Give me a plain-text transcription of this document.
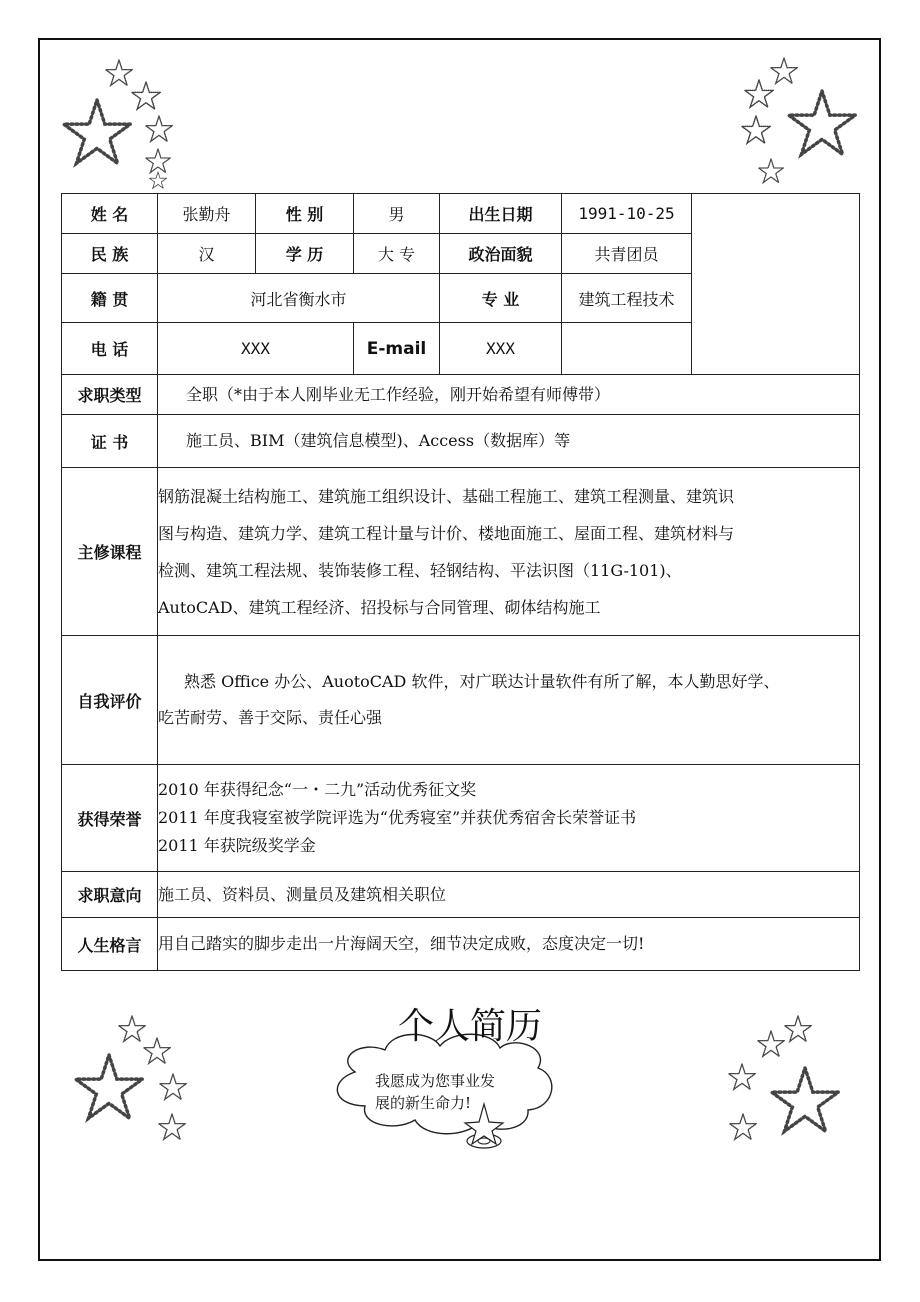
姓 名	张勤舟	性 别	男	出生日期	1991-10-25	
民 族	汉	学 历	大 专	政治面貌	共青团员	
籍 贯	河北省衡水市			专 业	建筑工程技术	
电 话	XXX		E-mail	XXX		
求职类型	全职（*由于本人刚毕业无工作经验，刚开始希望有师傅带）					
证 书	施工员、BIM（建筑信息模型)、Access（数据库）等					
主修课程	钢筋混凝土结构施工、建筑施工组织设计、基础工程施工、建筑工程测量、建筑识
图与构造、建筑力学、建筑工程计量与计价、楼地面施工、屋面工程、建筑材料与
检测、建筑工程法规、装饰装修工程、轻钢结构、平法识图（11G-101)、
AutoCAD、建筑工程经济、招投标与合同管理、砌体结构施工					

自我评价	熟悉 Office 办公、AuotoCAD 软件，对广联达计量软件有所了解，本人勤思好学、
吃苦耐劳、善于交际、责任心强					

获得荣誉	2010 年获得纪念“一・二九”活动优秀征文奖
2011 年度我寝室被学院评选为“优秀寝室”并获优秀宿舍长荣誉证书
2011 年获院级奖学金					

求职意向	施工员、资料员、测量员及建筑相关职位					
人生格言	用自己踏实的脚步走出一片海阔天空，细节决定成败，态度决定一切!					
个人简历
我愿成为您事业发
展的新生命力!
